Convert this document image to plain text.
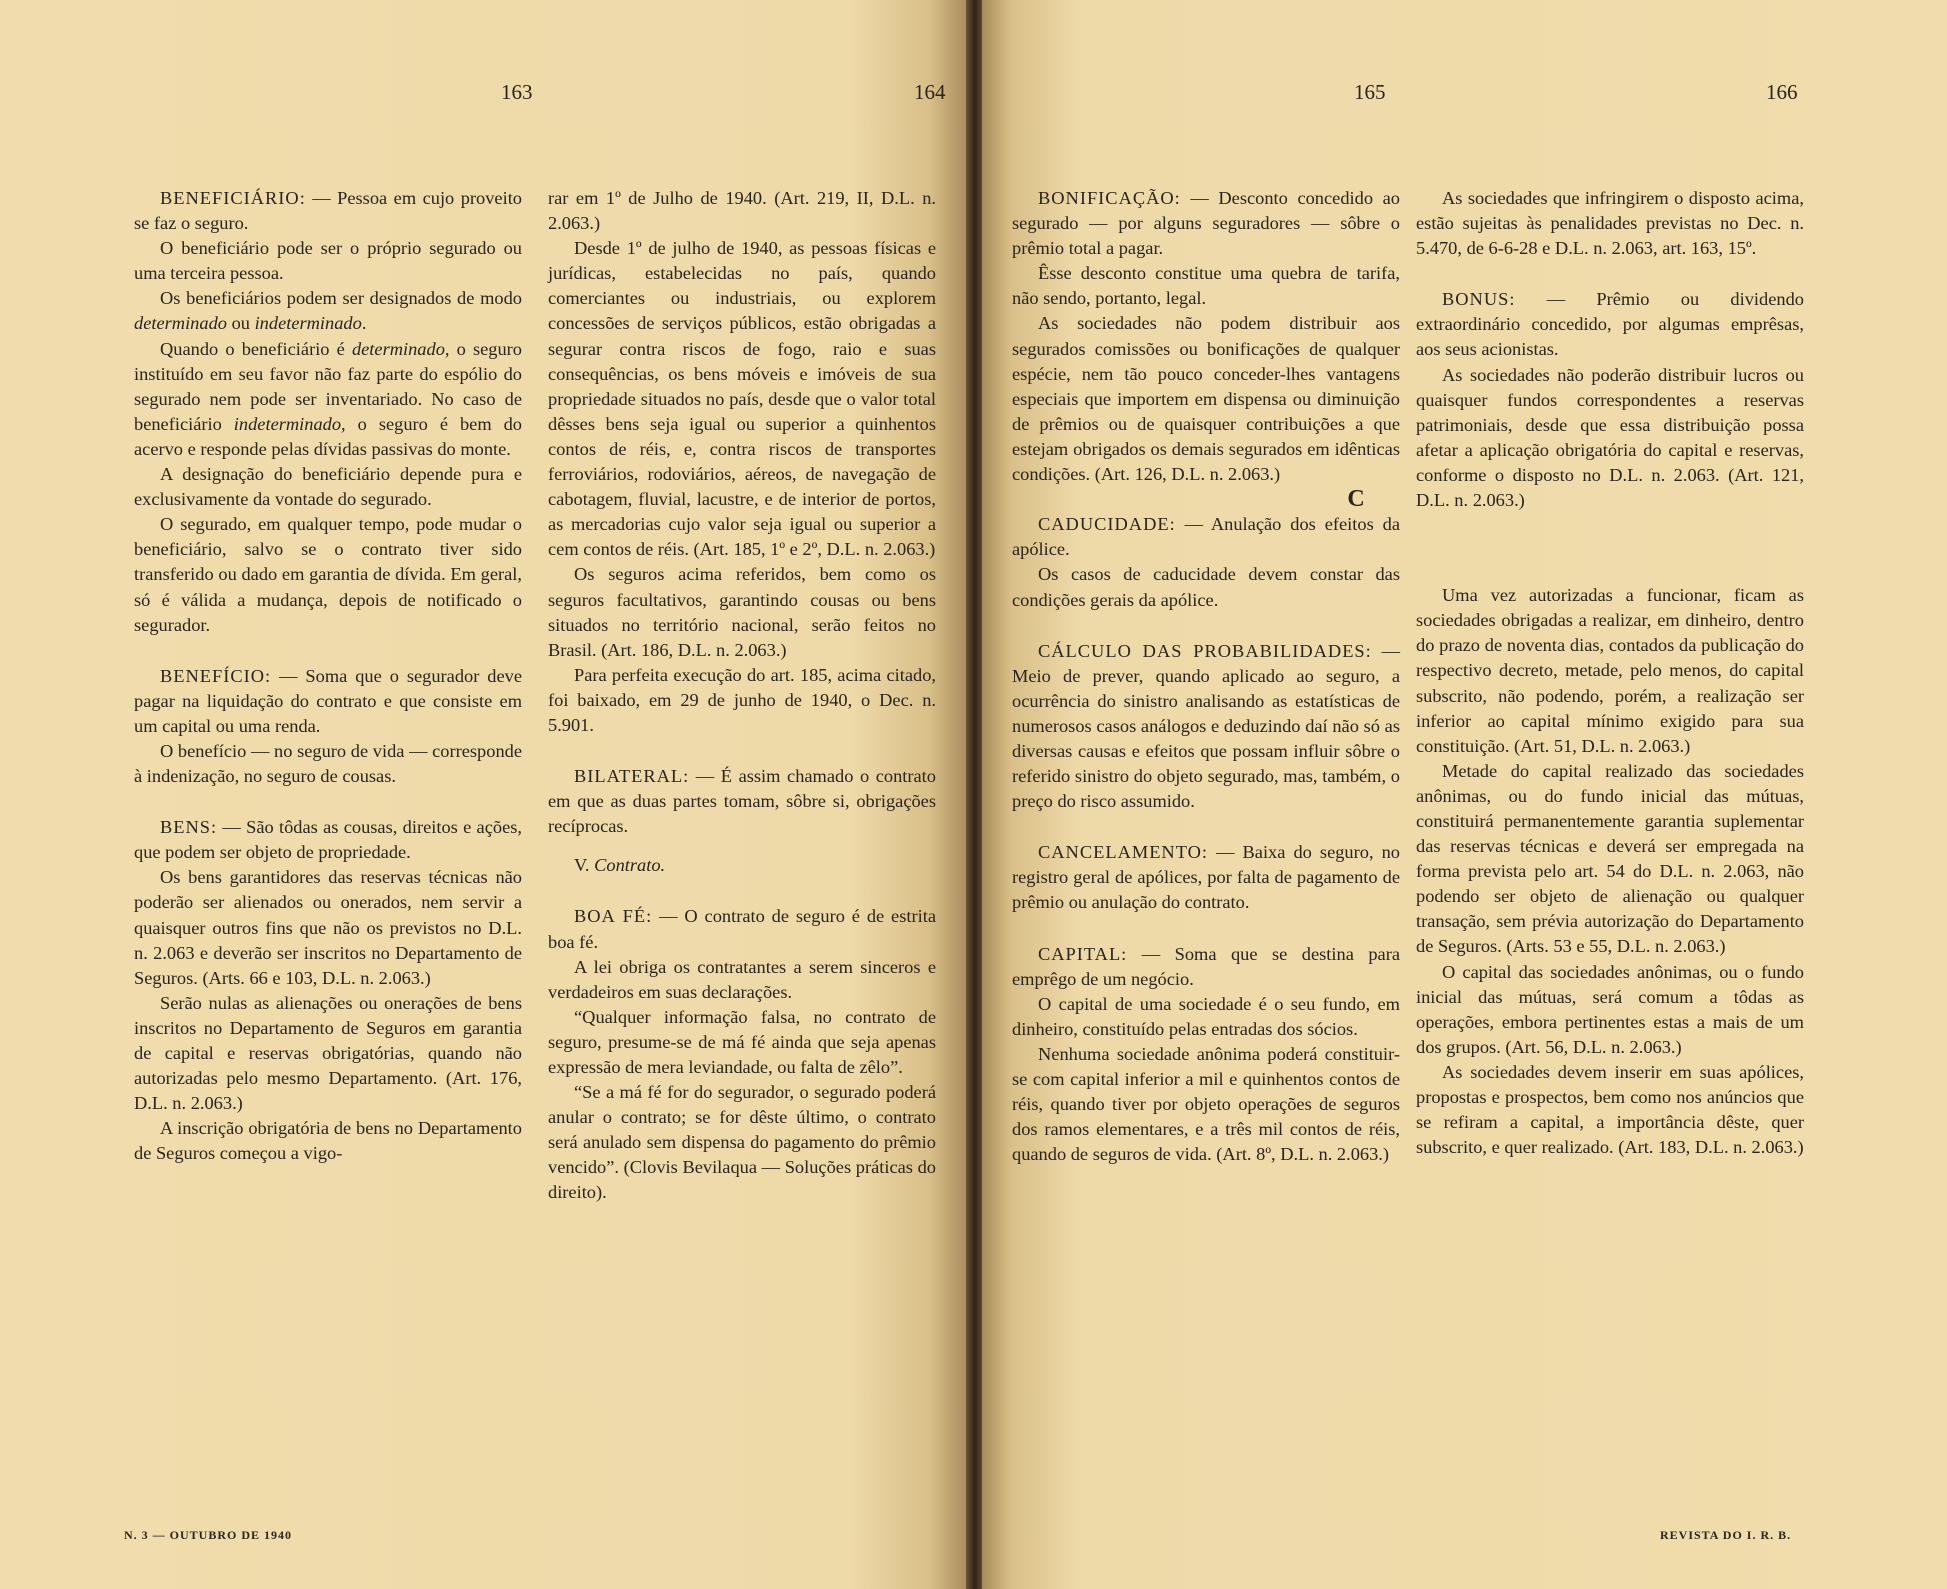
163	164

BENEFICIÁRIO: — Pessoa em cujo proveito se faz o seguro.

O beneficiário pode ser o próprio segurado ou uma terceira pessoa.

Os beneficiários podem ser designados de modo determinado ou indeterminado.

Quando o beneficiário é determinado, o seguro instituído em seu favor não faz parte do espólio do segurado nem pode ser inventariado. No caso de beneficiário indeterminado, o seguro é bem do acervo e responde pelas dívidas passivas do monte.

A designação do beneficiário depende pura e exclusivamente da vontade do segurado.

O segurado, em qualquer tempo, pode mudar o beneficiário, salvo se o contrato tiver sido transferido ou dado em garantia de dívida. Em geral, só é válida a mudança, depois de notificado o segurador.

BENEFÍCIO: — Soma que o segurador deve pagar na liquidação do contrato e que consiste em um capital ou uma renda.

O benefício — no seguro de vida — corresponde à indenização, no seguro de cousas.

BENS: — São tôdas as cousas, direitos e ações, que podem ser objeto de propriedade.

Os bens garantidores das reservas técnicas não poderão ser alienados ou onerados, nem servir a quaisquer outros fins que não os previstos no D.L. n. 2.063 e deverão ser inscritos no Departamento de Seguros. (Arts. 66 e 103, D.L. n. 2.063.)

Serão nulas as alienações ou onerações de bens inscritos no Departamento de Seguros em garantia de capital e reservas obrigatórias, quando não autorizadas pelo mesmo Departamento. (Art. 176, D.L. n. 2.063.)

A inscrição obrigatória de bens no Departamento de Seguros começou a vigo-

rar em 1º de Julho de 1940. (Art. 219, II, D.L. n. 2.063.)

Desde 1º de julho de 1940, as pessoas físicas e jurídicas, estabelecidas no país, quando comerciantes ou industriais, ou explorem concessões de serviços públicos, estão obrigadas a segurar contra riscos de fogo, raio e suas consequências, os bens móveis e imóveis de sua propriedade situados no país, desde que o valor total dêsses bens seja igual ou superior a quinhentos contos de réis, e, contra riscos de transportes ferroviários, rodoviários, aéreos, de navegação de cabotagem, fluvial, lacustre, e de interior de portos, as mercadorias cujo valor seja igual ou superior a cem contos de réis. (Art. 185, 1º e 2º, D.L. n. 2.063.)

Os seguros acima referidos, bem como os seguros facultativos, garantindo cousas ou bens situados no território nacional, serão feitos no Brasil. (Art. 186, D.L. n. 2.063.)

Para perfeita execução do art. 185, acima citado, foi baixado, em 29 de junho de 1940, o Dec. n. 5.901.

BILATERAL: — É assim chamado o contrato em que as duas partes tomam, sôbre si, obrigações recíprocas.

V. Contrato.

BOA FÉ: — O contrato de seguro é de estrita boa fé.

A lei obriga os contratantes a serem sinceros e verdadeiros em suas declarações.

“Qualquer informação falsa, no contrato de seguro, presume-se de má fé ainda que seja apenas expressão de mera leviandade, ou falta de zêlo”.

“Se a má fé for do segurador, o segurado poderá anular o contrato; se for dêste último, o contrato será anulado sem dispensa do pagamento do prêmio vencido”. (Clovis Bevilaqua — Soluções práticas do direito).

N. 3 — OUTUBRO DE 1940
165	166

BONIFICAÇÃO: — Desconto concedido ao segurado — por alguns seguradores — sôbre o prêmio total a pagar.

Êsse desconto constitue uma quebra de tarifa, não sendo, portanto, legal.

As sociedades não podem distribuir aos segurados comissões ou bonificações de qualquer espécie, nem tão pouco conceder-lhes vantagens especiais que importem em dispensa ou diminuição de prêmios ou de quaisquer contribuições a que estejam obrigados os demais segurados em idênticas condições. (Art. 126, D.L. n. 2.063.)

C

CADUCIDADE: — Anulação dos efeitos da apólice.

Os casos de caducidade devem constar das condições gerais da apólice.

CÁLCULO DAS PROBABILIDADES: — Meio de prever, quando aplicado ao seguro, a ocurrência do sinistro analisando as estatísticas de numerosos casos análogos e deduzindo daí não só as diversas causas e efeitos que possam influir sôbre o referido sinistro do objeto segurado, mas, também, o preço do risco assumido.

CANCELAMENTO: — Baixa do seguro, no registro geral de apólices, por falta de pagamento de prêmio ou anulação do contrato.

CAPITAL: — Soma que se destina para emprêgo de um negócio.

O capital de uma sociedade é o seu fundo, em dinheiro, constituído pelas entradas dos sócios.

Nenhuma sociedade anônima poderá constituir-se com capital inferior a mil e quinhentos contos de réis, quando tiver por objeto operações de seguros dos ramos elementares, e a três mil contos de réis, quando de seguros de vida. (Art. 8º, D.L. n. 2.063.)

As sociedades que infringirem o disposto acima, estão sujeitas às penalidades previstas no Dec. n. 5.470, de 6-6-28 e D.L. n. 2.063, art. 163, 15º.

BONUS: — Prêmio ou dividendo extraordinário concedido, por algumas emprêsas, aos seus acionistas.

As sociedades não poderão distribuir lucros ou quaisquer fundos correspondentes a reservas patrimoniais, desde que essa distribuição possa afetar a aplicação obrigatória do capital e reservas, conforme o disposto no D.L. n. 2.063. (Art. 121, D.L. n. 2.063.)

Uma vez autorizadas a funcionar, ficam as sociedades obrigadas a realizar, em dinheiro, dentro do prazo de noventa dias, contados da publicação do respectivo decreto, metade, pelo menos, do capital subscrito, não podendo, porém, a realização ser inferior ao capital mínimo exigido para sua constituição. (Art. 51, D.L. n. 2.063.)

Metade do capital realizado das sociedades anônimas, ou do fundo inicial das mútuas, constituirá permanentemente garantia suplementar das reservas técnicas e deverá ser empregada na forma prevista pelo art. 54 do D.L. n. 2.063, não podendo ser objeto de alienação ou qualquer transação, sem prévia autorização do Departamento de Seguros. (Arts. 53 e 55, D.L. n. 2.063.)

O capital das sociedades anônimas, ou o fundo inicial das mútuas, será comum a tôdas as operações, embora pertinentes estas a mais de um dos grupos. (Art. 56, D.L. n. 2.063.)

As sociedades devem inserir em suas apólices, propostas e prospectos, bem como nos anúncios que se refiram a capital, a importância dêste, quer subscrito, e quer realizado. (Art. 183, D.L. n. 2.063.)

REVISTA DO I. R. B.
